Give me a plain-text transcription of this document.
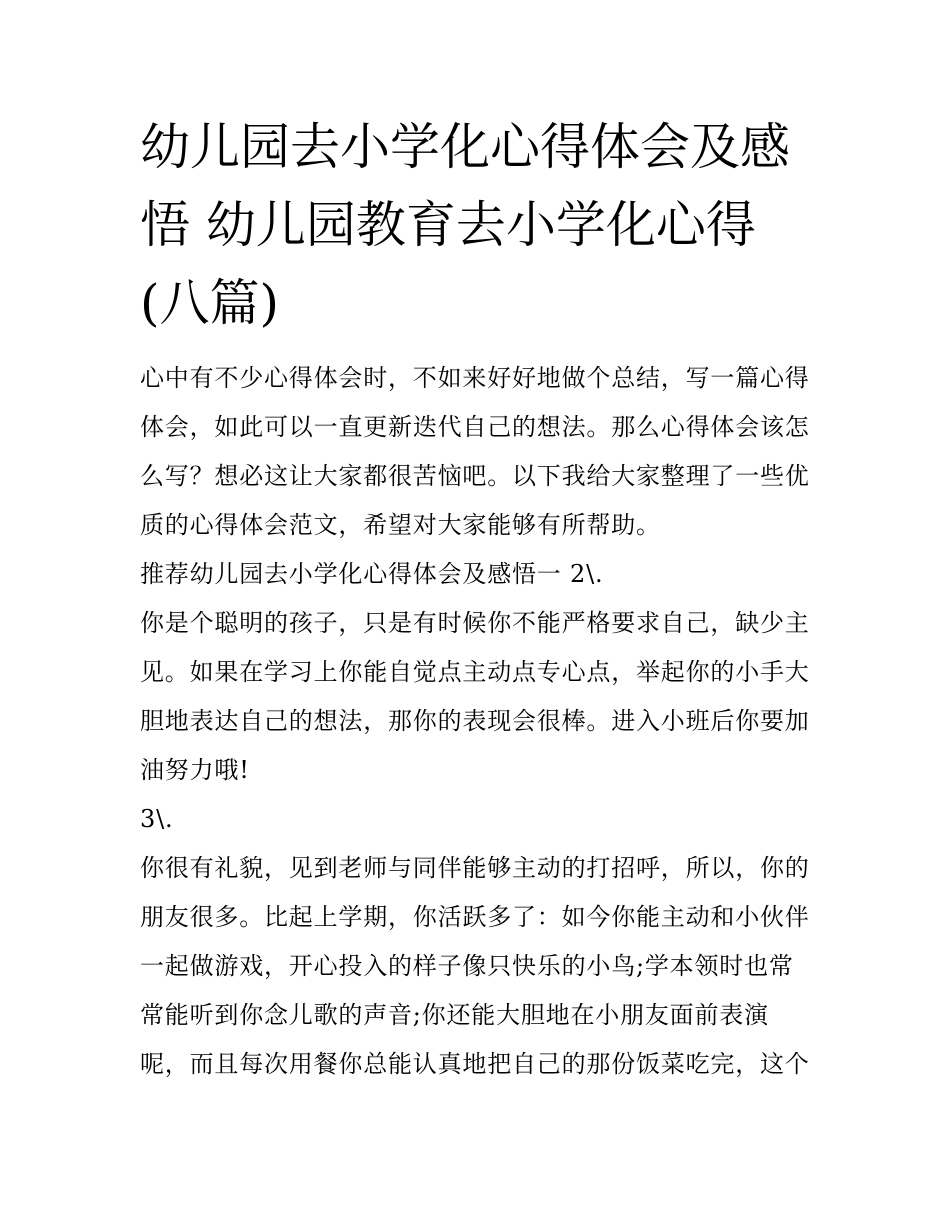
幼儿园去小学化心得体会及感
悟 幼儿园教育去小学化心得
(八篇)
心中有不少心得体会时，不如来好好地做个总结，写一篇心得
体会，如此可以一直更新迭代自己的想法。那么心得体会该怎
么写？想必这让大家都很苦恼吧。以下我给大家整理了一些优
质的心得体会范文，希望对大家能够有所帮助。
推荐幼儿园去小学化心得体会及感悟一 2\.
你是个聪明的孩子，只是有时候你不能严格要求自己，缺少主
见。如果在学习上你能自觉点主动点专心点，举起你的小手大
胆地表达自己的想法，那你的表现会很棒。进入小班后你要加
油努力哦!
3\.
你很有礼貌，见到老师与同伴能够主动的打招呼，所以，你的
朋友很多。比起上学期，你活跃多了：如今你能主动和小伙伴
一起做游戏，开心投入的样子像只快乐的小鸟;学本领时也常
常能听到你念儿歌的声音;你还能大胆地在小朋友面前表演
呢，而且每次用餐你总能认真地把自己的那份饭菜吃完，这个
